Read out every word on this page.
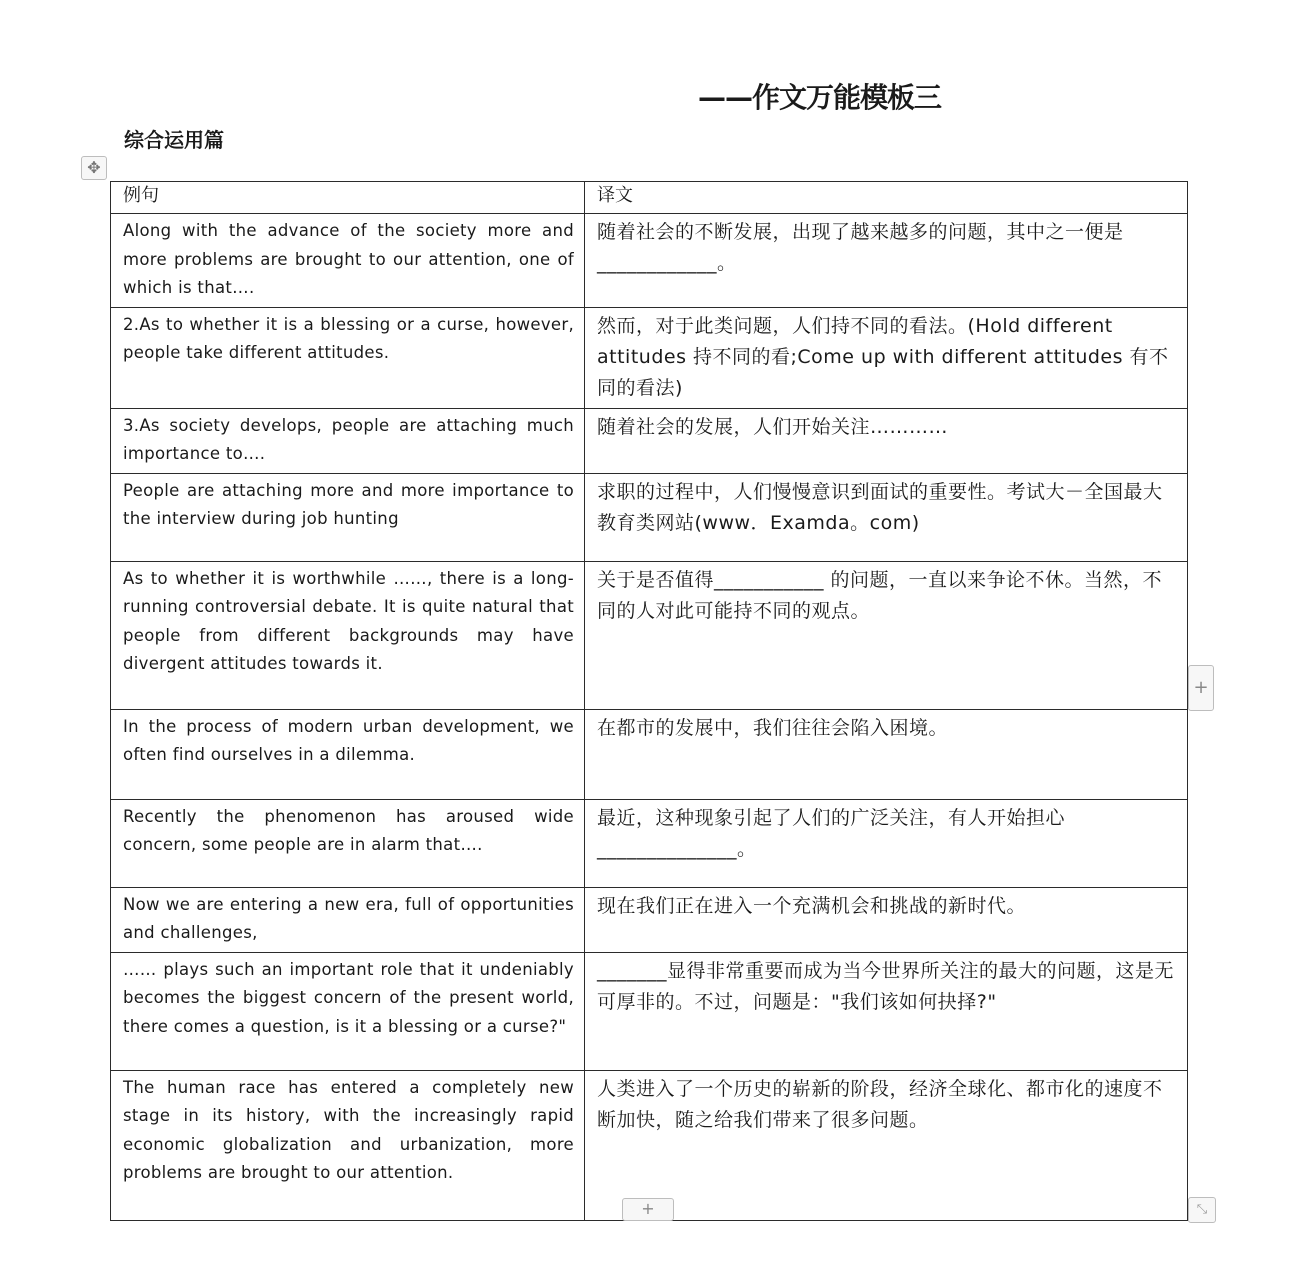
——作文万能模板三
综合运用篇
✥
例句	译文
Along with the advance of the society more and more problems are brought to our attention, one of which is that….	随着社会的不断发展，出现了越来越多的问题，其中之一便是____________。
2.As to whether it is a blessing or a curse, however, people take different attitudes.	然而，对于此类问题，人们持不同的看法。(Hold different attitudes 持不同的看;Come up with different attitudes 有不同的看法)
3.As society develops, people are attaching much importance to….	随着社会的发展，人们开始关注…………
People are attaching more and more importance to the interview during job hunting	求职的过程中，人们慢慢意识到面试的重要性。考试大－全国最大教育类网站(www．Examda。com)
As to whether it is worthwhile ……, there is a long-running controversial debate. It is quite natural that people from different backgrounds may have divergent attitudes towards it.	关于是否值得___________ 的问题，一直以来争论不休。当然，不同的人对此可能持不同的观点。
In the process of modern urban development, we often find ourselves in a dilemma.	在都市的发展中，我们往往会陷入困境。
Recently the phenomenon has aroused wide concern, some people are in alarm that….	最近，这种现象引起了人们的广泛关注，有人开始担心______________。
Now we are entering a new era, full of opportunities and challenges,	现在我们正在进入一个充满机会和挑战的新时代。
…… plays such an important role that it undeniably becomes the biggest concern of the present world, there comes a question, is it a blessing or a curse?"	_______显得非常重要而成为当今世界所关注的最大的问题，这是无可厚非的。不过，问题是："我们该如何抉择?"
The human race has entered a completely new stage in its history, with the increasingly rapid economic globalization and urbanization, more problems are brought to our attention.	人类进入了一个历史的崭新的阶段，经济全球化、都市化的速度不断加快，随之给我们带来了很多问题。
+
+	⤡
